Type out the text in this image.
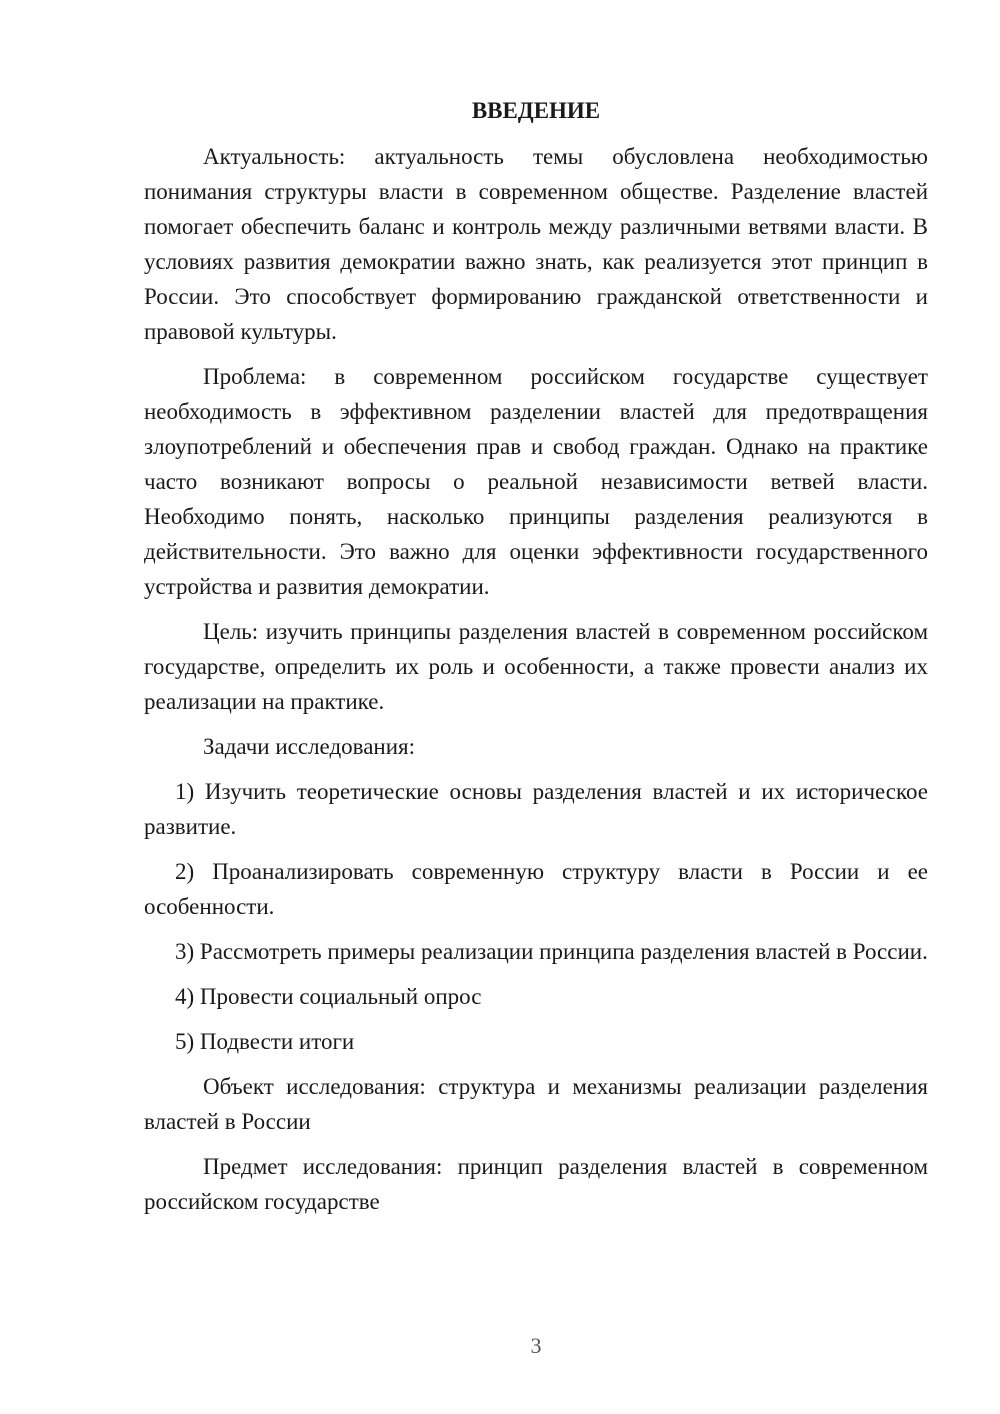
ВВЕДЕНИЕ

Актуальность: актуальность темы обусловлена необходимостью понимания структуры власти в современном обществе. Разделение властей помогает обеспечить баланс и контроль между различными ветвями власти. В условиях развития демократии важно знать, как реализуется этот принцип в России. Это способствует формированию гражданской ответственности и правовой культуры.

Проблема: в современном российском государстве существует необходимость в эффективном разделении властей для предотвращения злоупотреблений и обеспечения прав и свобод граждан. Однако на практике часто возникают вопросы о реальной независимости ветвей власти. Необходимо понять, насколько принципы разделения реализуются в действительности. Это важно для оценки эффективности государственного устройства и развития демократии.

Цель: изучить принципы разделения властей в современном российском государстве, определить их роль и особенности, а также провести анализ их реализации на практике.

Задачи исследования:

1) Изучить теоретические основы разделения властей и их историческое развитие.

2) Проанализировать современную структуру власти в России и ее особенности.

3) Рассмотреть примеры реализации принципа разделения властей в России.

4) Провести социальный опрос

5) Подвести итоги

Объект исследования: структура и механизмы реализации разделения властей в России

Предмет исследования: принцип разделения властей в современном российском государстве

3
